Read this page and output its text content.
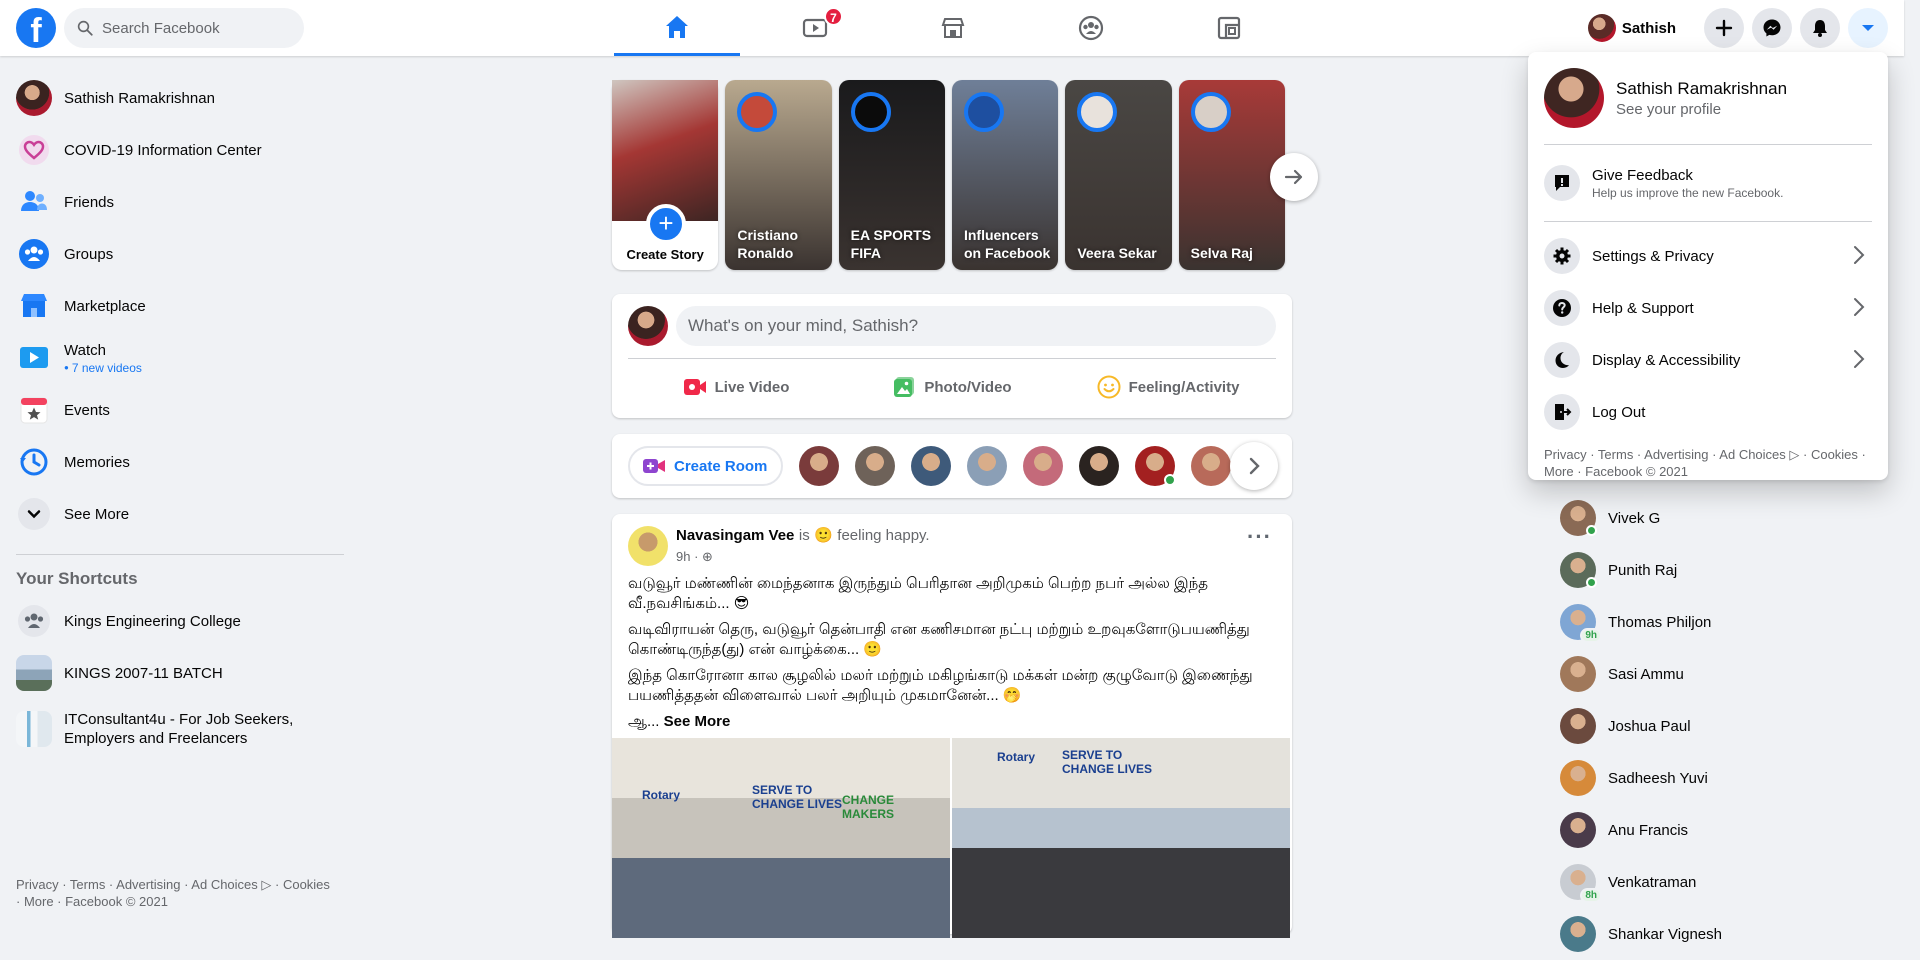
f
Search Facebook	7
Sathish
Sathish Ramakrishnan
COVID-19 Information Center
Friends
Groups
Marketplace
Watch
● 7 new videos
Events
Memories
See More
Your Shortcuts
Kings Engineering College
KINGS 2007-11 BATCH
ITConsultant4u - For Job Seekers, Employers and Freelancers
Privacy · Terms · Advertising · Ad Choices ▷ · Cookies · More · Facebook © 2021
+
Create Story
Cristiano Ronaldo
EA SPORTS FIFA
Influencers on Facebook	Veera Sekar Selva Raj
What's on your mind, Sathish?
Live Video	Photo/Video	Feeling/Activity
Create Room
Navasingam Vee is 🙂 feeling happy.
9h · ⊕
···

வடுவூர் மண்ணின் மைந்தனாக இருந்தும் பெரிதான அறிமுகம் பெற்ற நபர் அல்ல இந்த வீ.நவசிங்கம்... 😎

வடிவிராயன் தெரு, வடுவூர் தென்பாதி என கணிசமான நட்பு மற்றும் உறவுகளோடுபயணித்து கொண்டிருந்த(து) என் வாழ்க்கை... 🙂

இந்த கொரோனா கால சூழலில் மலர் மற்றும் மகிழங்காடு மக்கள் மன்ற குழுவோடு இணைந்து பயணித்ததன் விளைவால் பலர் அறியும் முகமானேன்... 🤭

ஆ... See More

Rotary	SERVE TO
CHANGE LIVES CHANGE
MAKERS
Rotary SERVE TO
CHANGE LIVES
Vivek G
Punith Raj
9h
Thomas Philjon
Sasi Ammu
Joshua Paul
Sadheesh Yuvi
Anu Francis
8h
Venkatraman
Shankar Vignesh
Sathish Ramakrishnan
See your profile
Give Feedback
Help us improve the new Facebook.
Settings & Privacy
Help & Support
Display & Accessibility
Log Out
Privacy · Terms · Advertising · Ad Choices ▷ · Cookies · More · Facebook © 2021
